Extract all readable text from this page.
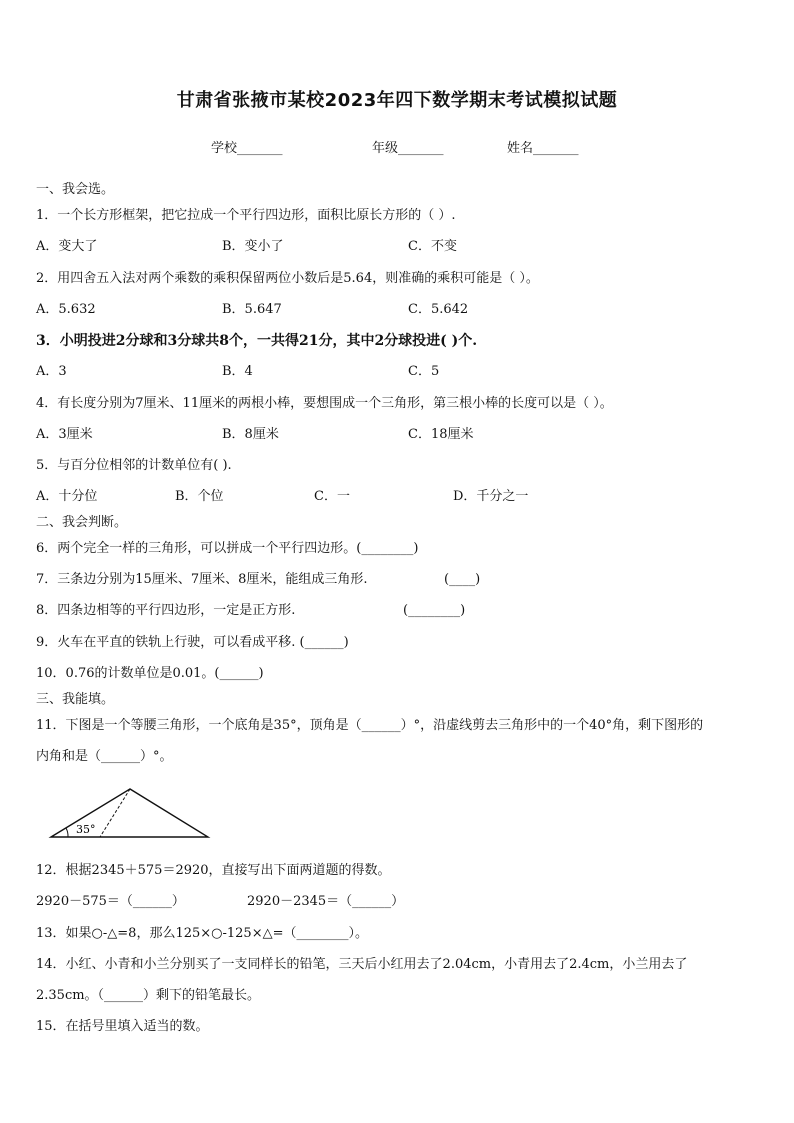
甘肃省张掖市某校2023年四下数学期末考试模拟试题
学校_______	年级_______	姓名_______
一、我会选。
1．一个长方形框架，把它拉成一个平行四边形，面积比原长方形的（ ）.
A．变大了	B．变小了	C．不变
2．用四舍五入法对两个乘数的乘积保留两位小数后是5.64，则准确的乘积可能是（ ）。
A．5.632	B．5.647	C．5.642
3．小明投进2分球和3分球共8个，一共得21分，其中2分球投进( )个.
A．3	B．4	C．5
4．有长度分别为7厘米、11厘米的两根小棒，要想围成一个三角形，第三根小棒的长度可以是（ ）。
A．3厘米	B．8厘米	C．18厘米
5．与百分位相邻的计数单位有( ).
A．十分位	B．个位	C．一	D．千分之一
二、我会判断。
6．两个完全一样的三角形，可以拼成一个平行四边形。(________)
7．三条边分别为15厘米、7厘米、8厘米，能组成三角形.	(____)
8．四条边相等的平行四边形，一定是正方形.	(________)
9．火车在平直的铁轨上行驶，可以看成平移. (______)
10．0.76的计数单位是0.01。(______)
三、我能填。
11．下图是一个等腰三角形，一个底角是35°，顶角是（______）°，沿虚线剪去三角形中的一个40°角，剩下图形的
内角和是（______）°。
35°
12．根据2345＋575＝2920，直接写出下面两道题的得数。
2920－575＝（______）	2920－2345＝（______）
13．如果○-△=8，那么125×○-125×△=（________）。
14．小红、小青和小兰分别买了一支同样长的铅笔，三天后小红用去了2.04cm，小青用去了2.4cm，小兰用去了
2.35cm。（______）剩下的铅笔最长。
15．在括号里填入适当的数。
